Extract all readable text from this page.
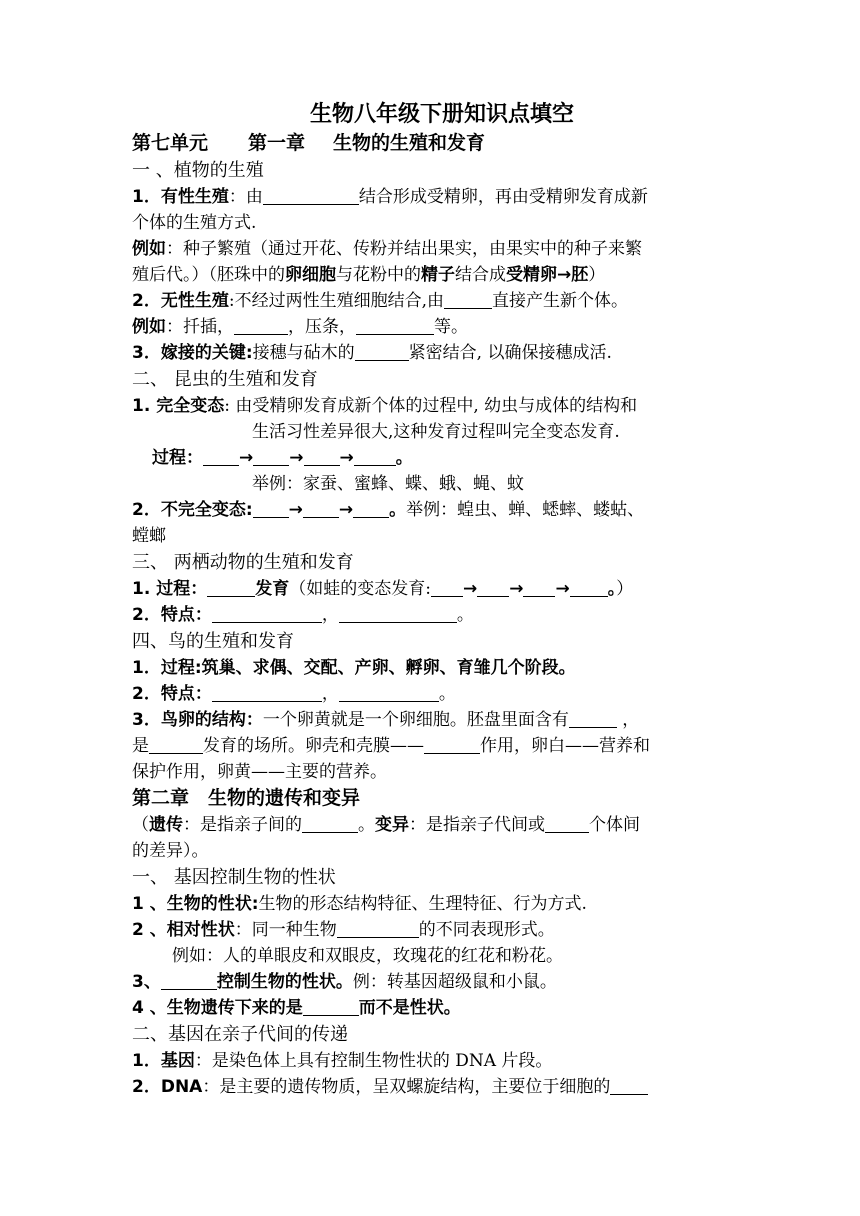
生物八年级下册知识点填空
第七单元 第一章 生物的生殖和发育
一 、植物的生殖
1．有性生殖：由	结合形成受精卵，再由受精卵发育成新
个体的生殖方式.
例如：种子繁殖（通过开花、传粉并结出果实，由果实中的种子来繁
殖后代。）（胚珠中的卵细胞与花粉中的精子结合成受精卵→胚）
2．无性生殖:不经过两性生殖细胞结合,由	直接产生新个体。
例如：扦插，	，压条，	等。
3．嫁接的关键:接穗与砧木的	紧密结合, 以确保接穗成活.
二、 昆虫的生殖和发育
1. 完全变态: 由受精卵发育成新个体的过程中, 幼虫与成体的结构和
生活习性差异很大,这种发育过程叫完全变态发育.
过程： → → → 。
举例：家蚕、蜜蜂、蝶、蛾、蝇、蚊
2．不完全变态: → → 。举例：蝗虫、蝉、蟋蟀、蝼蛄、
螳螂
三、 两栖动物的生殖和发育
1. 过程：	发育（如蛙的变态发育: → → → 。）
2．特点：	，	。
四、鸟的生殖和发育
1．过程:筑巢、求偶、交配、产卵、孵卵、育雏几个阶段。
2．特点：	，	。
3．鸟卵的结构：一个卵黄就是一个卵细胞。胚盘里面含有	，
是	发育的场所。卵壳和壳膜——	作用，卵白——营养和
保护作用，卵黄——主要的营养。
第二章　生物的遗传和变异
（遗传：是指亲子间的	。变异：是指亲子代间或	个体间
的差异）。
一、 基因控制生物的性状
1 、生物的性状:生物的形态结构特征、生理特征、行为方式.
2 、相对性状：同一种生物	的不同表现形式。
例如：人的单眼皮和双眼皮，玫瑰花的红花和粉花。
3、	控制生物的性状。例：转基因超级鼠和小鼠。
4 、生物遗传下来的是	而不是性状。
二、基因在亲子代间的传递
1．基因：是染色体上具有控制生物性状的 DNA 片段。
2．DNA：是主要的遗传物质，呈双螺旋结构，主要位于细胞的
